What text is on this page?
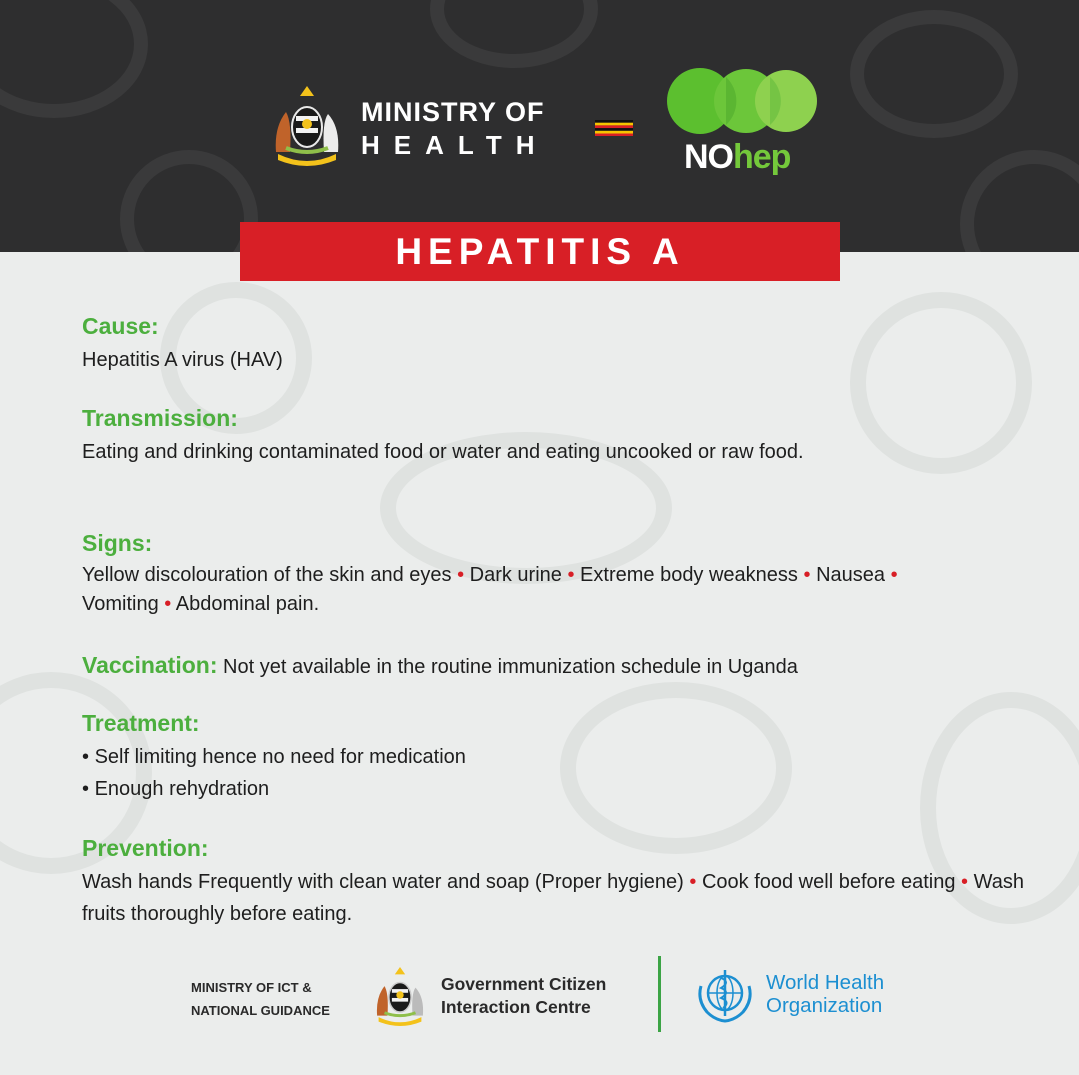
MINISTRY OF
HEALTH	NOhep
HEPATITIS A
Cause:
Hepatitis A virus (HAV)
Transmission:
Eating and drinking contaminated food or water and eating uncooked or raw food.
Signs:
Yellow discolouration of the skin and eyes • Dark urine • Extreme body weakness • Nausea • Vomiting • Abdominal pain.
Vaccination: Not yet available in the routine immunization schedule in Uganda
Treatment:
• Self limiting hence no need for medication
• Enough rehydration
Prevention:
Wash hands Frequently with clean water and soap (Proper hygiene) • Cook food well before eating • Wash fruits thoroughly before eating.
MINISTRY OF ICT &
NATIONAL GUIDANCE
Government Citizen
Interaction Centre
World Health
Organization
